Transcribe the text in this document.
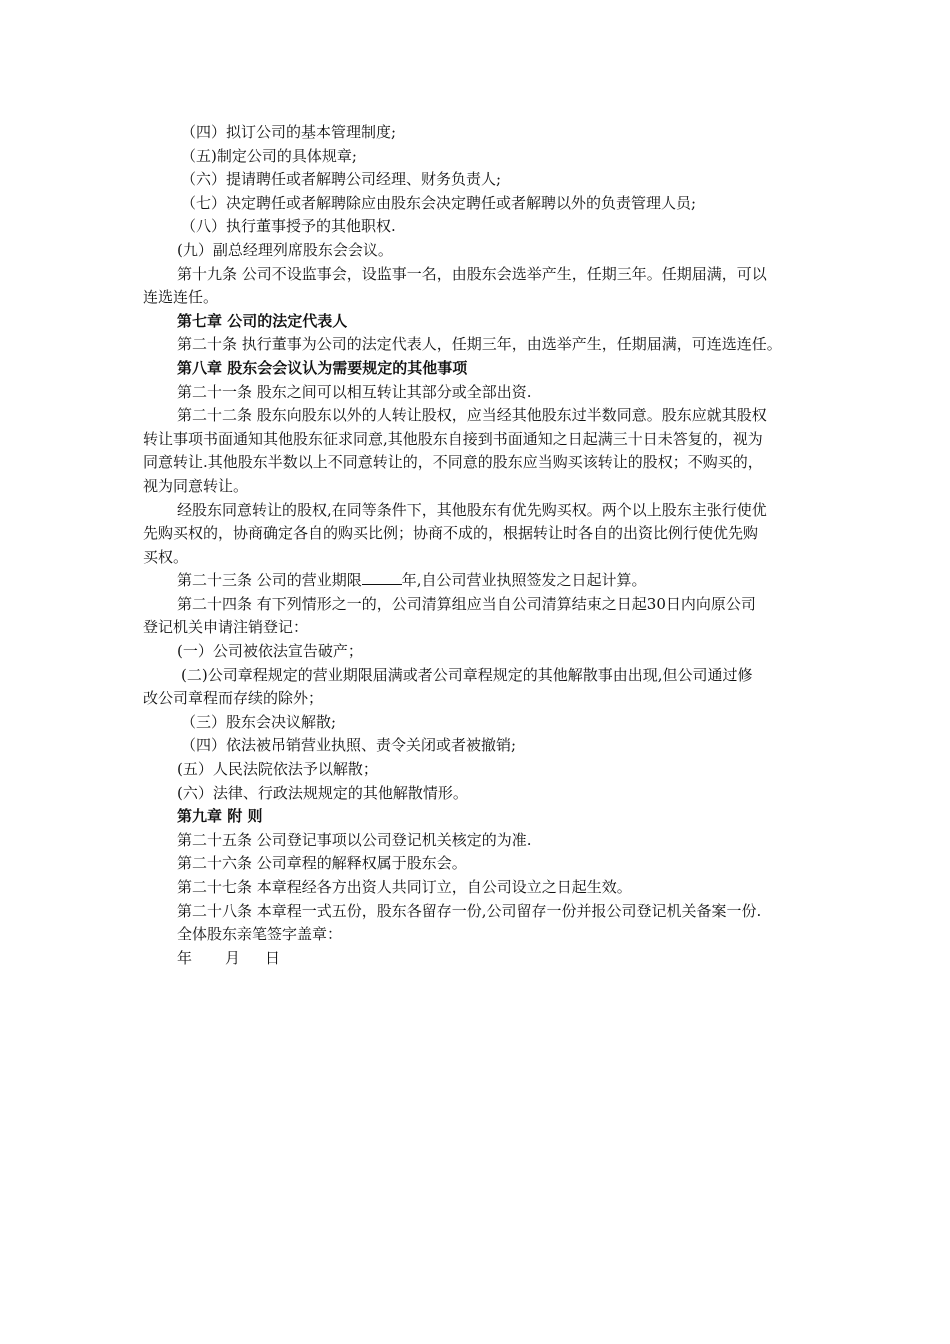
（四）拟订公司的基本管理制度;
（五)制定公司的具体规章;
（六）提请聘任或者解聘公司经理、财务负责人;
（七）决定聘任或者解聘除应由股东会决定聘任或者解聘以外的负责管理人员;
（八）执行董事授予的其他职权.
(九）副总经理列席股东会会议。
第十九条 公司不设监事会，设监事一名，由股东会选举产生，任期三年。任期届满，可以
连选连任。
第七章 公司的法定代表人
第二十条 执行董事为公司的法定代表人，任期三年，由选举产生，任期届满，可连选连任。
第八章 股东会会议认为需要规定的其他事项
第二十一条 股东之间可以相互转让其部分或全部出资.
第二十二条 股东向股东以外的人转让股权，应当经其他股东过半数同意。股东应就其股权
转让事项书面通知其他股东征求同意,其他股东自接到书面通知之日起满三十日未答复的，视为
同意转让.其他股东半数以上不同意转让的，不同意的股东应当购买该转让的股权；不购买的，
视为同意转让。
经股东同意转让的股权,在同等条件下，其他股东有优先购买权。两个以上股东主张行使优
先购买权的，协商确定各自的购买比例；协商不成的，根据转让时各自的出资比例行使优先购
买权。
第二十三条 公司的营业期限	年,自公司营业执照签发之日起计算。
第二十四条 有下列情形之一的，公司清算组应当自公司清算结束之日起30日内向原公司
登记机关申请注销登记：
(一）公司被依法宣告破产；
(二)公司章程规定的营业期限届满或者公司章程规定的其他解散事由出现,但公司通过修
改公司章程而存续的除外；
（三）股东会决议解散;
（四）依法被吊销营业执照、责令关闭或者被撤销;
(五）人民法院依法予以解散；
(六）法律、行政法规规定的其他解散情形。
第九章 附 则
第二十五条 公司登记事项以公司登记机关核定的为准.
第二十六条 公司章程的解释权属于股东会。
第二十七条 本章程经各方出资人共同订立，自公司设立之日起生效。
第二十八条 本章程一式五份，股东各留存一份,公司留存一份并报公司登记机关备案一份.
全体股东亲笔签字盖章：
年 月 日
